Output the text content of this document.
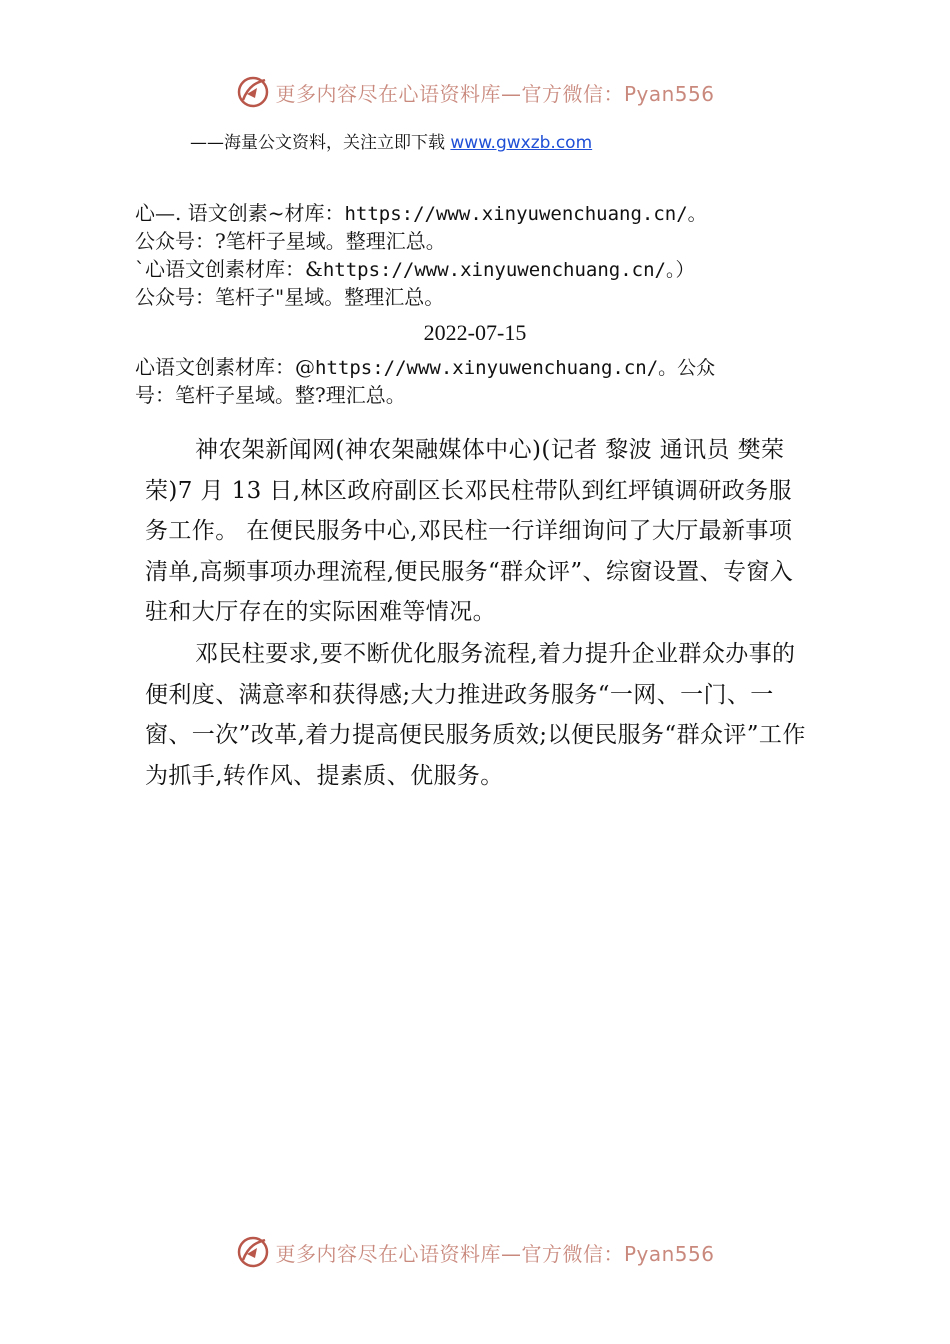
更多内容尽在心语资料库—官方微信：Pyan556
——海量公文资料，关注立即下载 www.gwxzb.com
心—. 语文创素~材库：https://www.xinyuwenchuang.cn/。
公众号：?笔杆子星域。整理汇总。
`心语文创素材库：&https://www.xinyuwenchuang.cn/。）
公众号：笔杆子"星域。整理汇总。
2022-07-15
心语文创素材库：@https://www.xinyuwenchuang.cn/。公众
号：笔杆子星域。整?理汇总。

神农架新闻网(神农架融媒体中心)(记者 黎波 通讯员 樊荣荣)7 月 13 日,林区政府副区长邓民柱带队到红坪镇调研政务服务工作。 在便民服务中心,邓民柱一行详细询问了大厅最新事项清单,高频事项办理流程,便民服务“群众评”、综窗设置、专窗入驻和大厅存在的实际困难等情况。

邓民柱要求,要不断优化服务流程,着力提升企业群众办事的便利度、满意率和获得感;大力推进政务服务“一网、一门、一窗、一次”改革,着力提高便民服务质效;以便民服务“群众评”工作为抓手,转作风、提素质、优服务。

更多内容尽在心语资料库—官方微信：Pyan556
